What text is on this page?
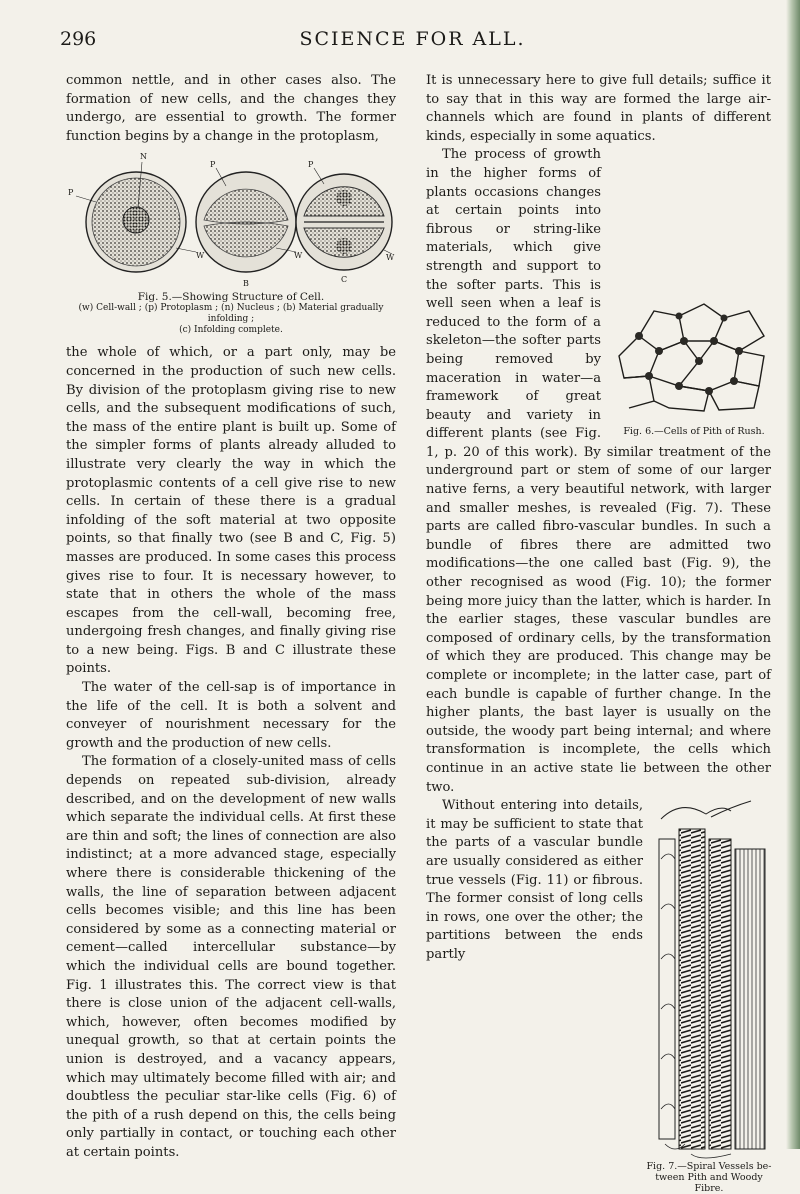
296	SCIENCE FOR ALL.

common nettle, and in other cases also. The formation of new cells, and the changes they undergo, are essential to growth. The former function begins by a change in the protoplasm,

N
P
W
P
W
P
W
B	C
Fig. 5.—Showing Structure of Cell.
(w) Cell-wall ; (p) Protoplasm ; (n) Nucleus ; (b) Material gradually infolding ;
(c) Infolding complete.

the whole of which, or a part only, may be concerned in the production of such new cells. By division of the protoplasm giving rise to new cells, and the subsequent modifications of such, the mass of the entire plant is built up. Some of the simpler forms of plants already alluded to illustrate very clearly the way in which the protoplasmic contents of a cell give rise to new cells. In certain of these there is a gradual infolding of the soft material at two opposite points, so that finally two (see B and C, Fig. 5) masses are produced. In some cases this process gives rise to four. It is necessary however, to state that in others the whole of the mass escapes from the cell-wall, becoming free, undergoing fresh changes, and finally giving rise to a new being. Figs. B and C illustrate these points.

The water of the cell-sap is of importance in the life of the cell. It is both a solvent and conveyer of nourishment necessary for the growth and the production of new cells.

The formation of a closely-united mass of cells depends on repeated sub-division, already described, and on the development of new walls which separate the individual cells. At first these are thin and soft; the lines of connection are also indistinct; at a more advanced stage, especially where there is considerable thickening of the walls, the line of separation between adjacent cells becomes visible; and this line has been considered by some as a connecting material or cement—called intercellular substance—by which the individual cells are bound together. Fig. 1 illustrates this. The correct view is that there is close union of the adjacent cell-walls, which, however, often becomes modified by unequal growth, so that at certain points the union is destroyed, and a vacancy appears, which may ultimately become filled with air; and doubtless the peculiar star-like cells (Fig. 6) of the pith of a rush depend on this, the cells being only partially in contact, or touching each other at certain points.

It is unnecessary here to give full details; suffice it to say that in this way are formed the large air-channels which are found in plants of different kinds, especially in some aquatics.

Fig. 6.—Cells of Pith of Rush.

The process of growth in the higher forms of plants occasions changes at certain points into fibrous or string-like materials, which give strength and support to the softer parts. This is well seen when a leaf is reduced to the form of a skeleton—the softer parts being removed by maceration in water—a framework of great beauty and variety in different plants (see Fig. 1, p. 20 of this work). By similar treatment of the underground part or stem of some of our larger native ferns, a very beautiful network, with larger and smaller meshes, is revealed (Fig. 7). These parts are called fibro-vascular bundles. In such a bundle of fibres there are admitted two modifications—the one called bast (Fig. 9), the other recognised as wood (Fig. 10); the former being more juicy than the latter, which is harder. In the earlier stages, these vascular bundles are composed of ordinary cells, by the transformation of which they are produced. This change may be complete or incomplete; in the latter case, part of each bundle is capable of further change. In the higher plants, the bast layer is usually on the outside, the woody part being internal; and where transformation is incomplete, the cells which continue in an active state lie between the other two.

Fig. 7.—Spiral Vessels be- tween Pith and Woody Fibre.

Without entering into details, it may be sufficient to state that the parts of a vascular bundle are usually considered as either true vessels (Fig. 11) or fibrous. The former consist of long cells in rows, one over the other; the partitions between the ends partly
